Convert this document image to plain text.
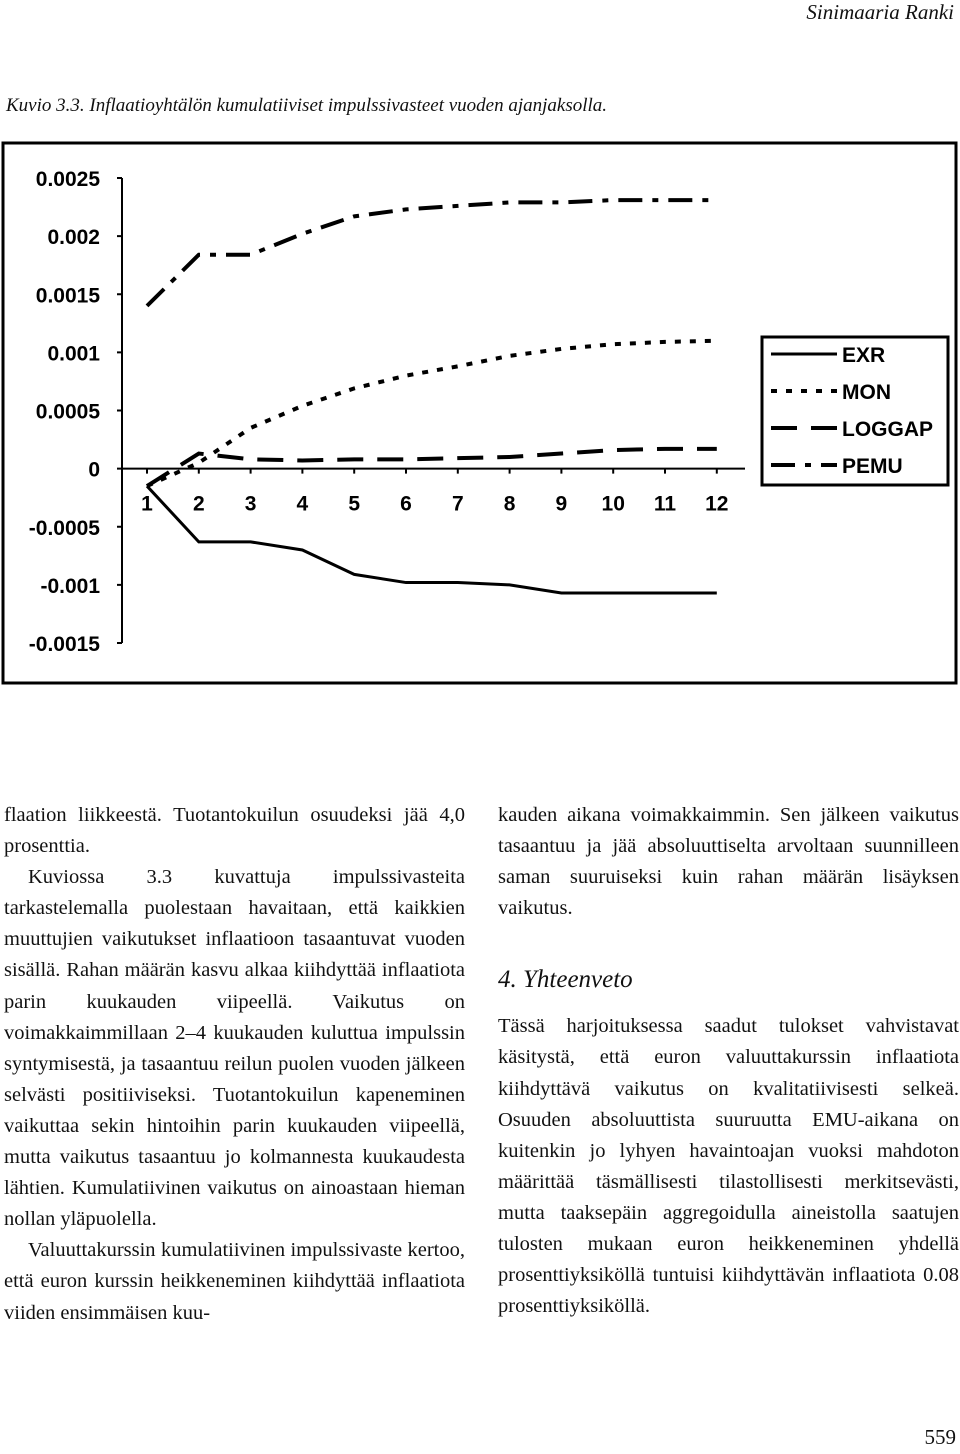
Sinimaaria Ranki
Kuvio 3.3. Inflaatioyhtälön kumulatiiviset impulssivasteet vuoden ajanjaksolla.
0.0025
0.002
0.0015
0.001
0.0005
0
-0.0005
-0.001
-0.0015
1 2 3 4 5 6 7 8 9 10 11 12
EXR
MON
LOGGAP
PEMU

flaation liikkeestä. Tuotantokuilun osuudeksi jää 4,0 prosenttia.

Kuviossa 3.3 kuvattuja impulssivasteita tarkastelemalla puolestaan havaitaan, että kaikkien muuttujien vaikutukset inflaatioon tasaantuvat vuoden sisällä. Rahan määrän kasvu alkaa kiihdyttää inflaatiota parin kuukauden viipeellä. Vaikutus on voimakkaimmillaan 2–4 kuukauden kuluttua impulssin syntymisestä, ja tasaantuu reilun puolen vuoden jälkeen selvästi positiiviseksi. Tuotantokuilun kapeneminen vaikuttaa sekin hintoihin parin kuukauden viipeellä, mutta vaikutus tasaantuu jo kolmannesta kuukaudesta lähtien. Kumulatiivinen vaikutus on ainoastaan hieman nollan yläpuolella.

Valuuttakurssin kumulatiivinen impulssivaste kertoo, että euron kurssin heikkeneminen kiihdyttää inflaatiota viiden ensimmäisen kuu-

kauden aikana voimakkaimmin. Sen jälkeen vaikutus tasaantuu ja jää absoluuttiselta arvoltaan suunnilleen saman suuruiseksi kuin rahan määrän lisäyksen vaikutus.

4. Yhteenveto

Tässä harjoituksessa saadut tulokset vahvistavat käsitystä, että euron valuuttakurssin inflaatiota kiihdyttävä vaikutus on kvalitatiivisesti selkeä. Osuuden absoluuttista suuruutta EMU-aikana on kuitenkin jo lyhyen havaintoajan vuoksi mahdoton määrittää täsmällisesti tilastollisesti merkitsevästi, mutta taaksepäin aggregoidulla aineistolla saatujen tulosten mukaan euron heikkeneminen yhdellä prosenttiyksiköllä tuntuisi kiihdyttävän inflaatiota 0.08 prosenttiyksiköllä.

559
